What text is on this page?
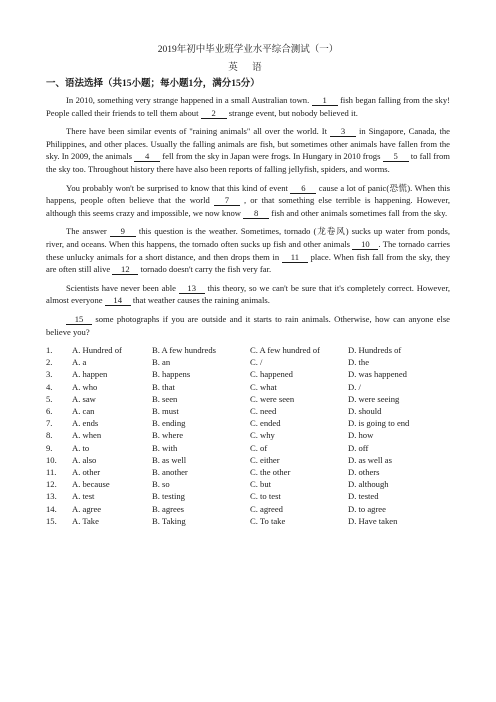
2019年初中毕业班学业水平综合测试（一）

英 语

一、语法选择（共15小题；每小题1分，满分15分）

In 2010, something very strange happened in a small Australian town. 1 fish began falling from the sky! People called their friends to tell them about 2 strange event, but nobody believed it.

There have been similar events of "raining animals" all over the world. It 3 in Singapore, Canada, the Philippines, and other places. Usually the falling animals are fish, but sometimes other animals have fallen from the sky. In 2009, the animals 4 fell from the sky in Japan were frogs. In Hungary in 2010 frogs 5 to fall from the sky too. Throughout history there have also been reports of falling jellyfish, spiders, and worms.

You probably won't be surprised to know that this kind of event 6 cause a lot of panic(恐慌). When this happens, people often believe that the world 7 , or that something else terrible is happening. However, although this seems crazy and impossible, we now know 8 fish and other animals sometimes fall from the sky.

The answer 9 this question is the weather. Sometimes, tornado (龙卷风) sucks up water from ponds, river, and oceans. When this happens, the tornado often sucks up fish and other animals 10 . The tornado carries these unlucky animals for a short distance, and then drops them in 11 place. When fish fall from the sky, they are often still alive 12 tornado doesn't carry the fish very far.

Scientists have never been able 13 this theory, so we can't be sure that it's completely correct. However, almost everyone 14 that weather causes the raining animals.

15 some photographs if you are outside and it starts to rain animals. Otherwise, how can anyone else believe you?

1.	A. Hundred of	B. A few hundreds	C. A few hundred of	D. Hundreds of
2.	A. a	B. an	C. /	D. the
3.	A. happen	B. happens	C. happened	D. was happened
4.	A. who	B. that	C. what	D. /
5.	A. saw	B. seen	C. were seen	D. were seeing
6.	A. can	B. must	C. need	D. should
7.	A. ends	B. ending	C. ended	D. is going to end
8.	A. when	B. where	C. why	D. how
9.	A. to	B. with	C. of	D. off
10.	A. also	B. as well	C. either	D. as well as
11.	A. other	B. another	C. the other	D. others
12.	A. because	B. so	C. but	D. although
13.	A. test	B. testing	C. to test	D. tested
14.	A. agree	B. agrees	C. agreed	D. to agree
15.	A. Take	B. Taking	C. To take	D. Have taken
